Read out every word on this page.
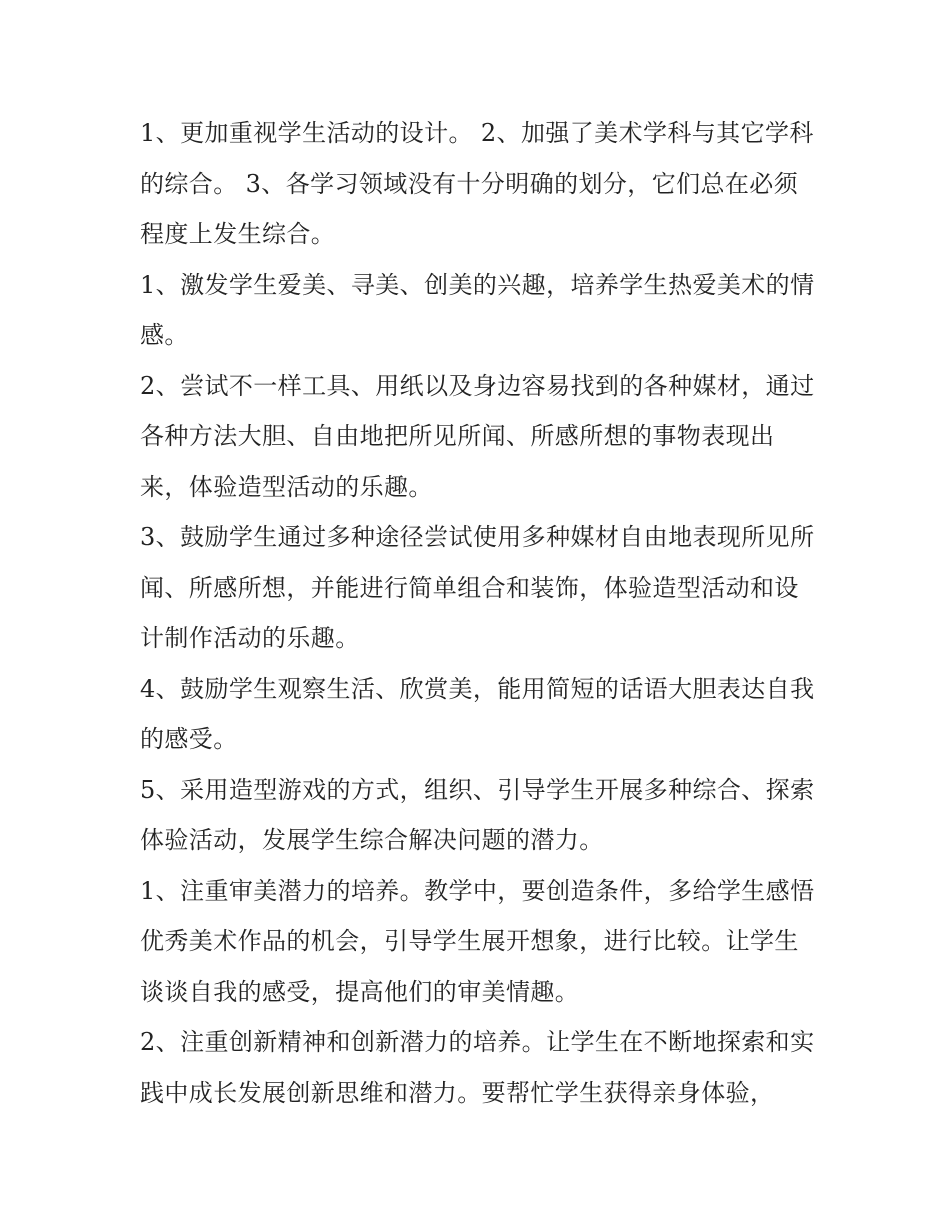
1、更加重视学生活动的设计。 2、加强了美术学科与其它学科的综合。 3、各学习领域没有十分明确的划分，它们总在必须程度上发生综合。

1、激发学生爱美、寻美、创美的兴趣，培养学生热爱美术的情感。

2、尝试不一样工具、用纸以及身边容易找到的各种媒材，通过各种方法大胆、自由地把所见所闻、所感所想的事物表现出来，体验造型活动的乐趣。

3、鼓励学生通过多种途径尝试使用多种媒材自由地表现所见所闻、所感所想，并能进行简单组合和装饰，体验造型活动和设计制作活动的乐趣。

4、鼓励学生观察生活、欣赏美，能用简短的话语大胆表达自我的感受。

5、采用造型游戏的方式，组织、引导学生开展多种综合、探索体验活动，发展学生综合解决问题的潜力。

1、注重审美潜力的培养。教学中，要创造条件，多给学生感悟优秀美术作品的机会，引导学生展开想象，进行比较。让学生谈谈自我的感受，提高他们的审美情趣。

2、注重创新精神和创新潜力的培养。让学生在不断地探索和实践中成长发展创新思维和潜力。要帮忙学生获得亲身体验，
